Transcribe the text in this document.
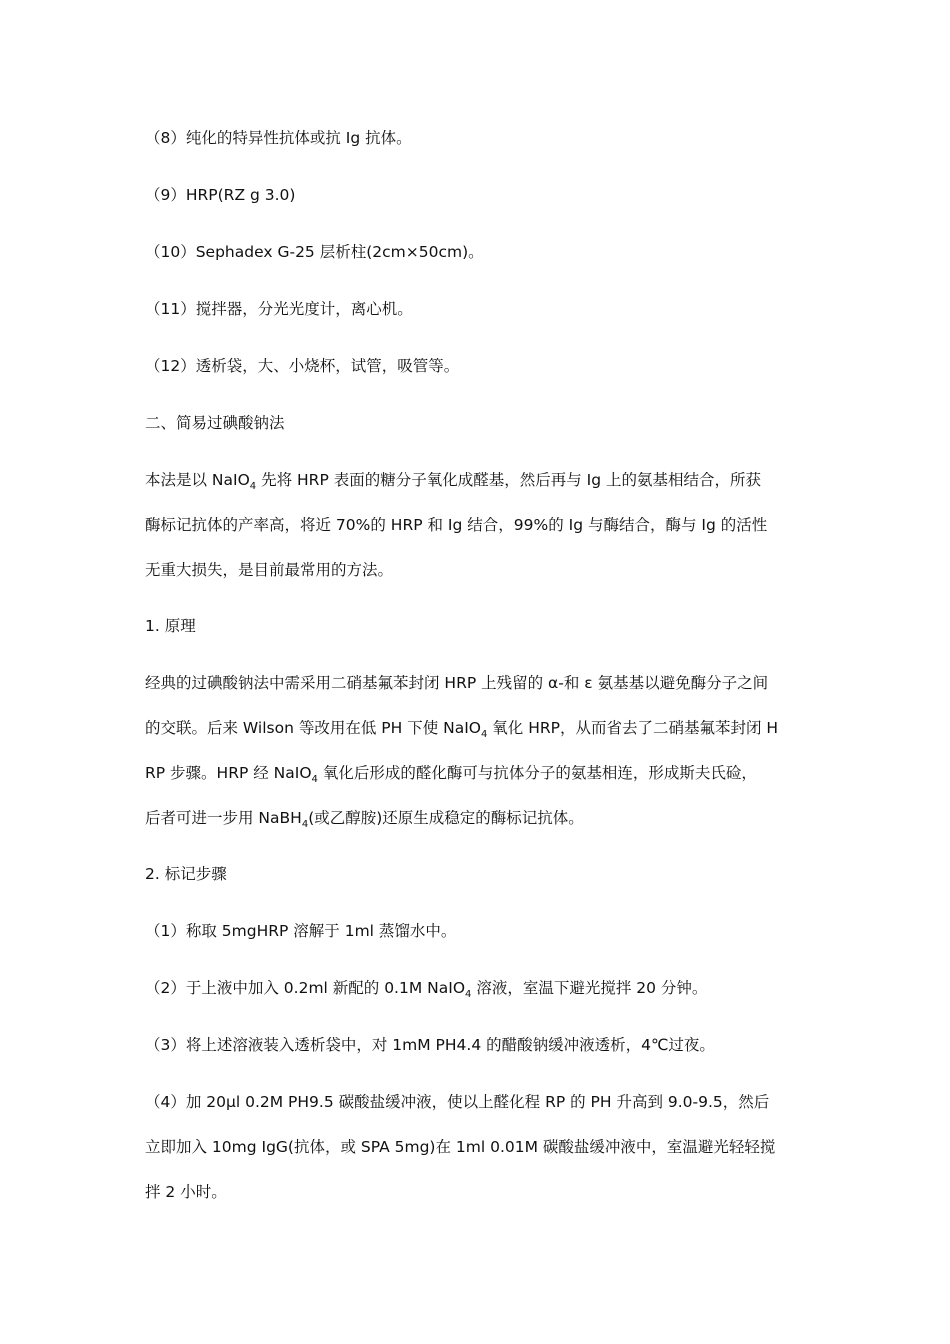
（8）纯化的特异性抗体或抗 Ig 抗体。
（9）HRP(RZ g 3.0)
（10）Sephadex G-25 层析柱(2cm×50cm)。
（11）搅拌器，分光光度计，离心机。
（12）透析袋，大、小烧杯，试管，吸管等。
二、简易过碘酸钠法
本法是以 NaIO$_4$ 先将 HRP 表面的糖分子氧化成醛基，然后再与 Ig 上的氨基相结合，所获
酶标记抗体的产率高，将近 70%的 HRP 和 Ig 结合，99%的 Ig 与酶结合，酶与 Ig 的活性
无重大损失，是目前最常用的方法。
1. 原理
经典的过碘酸钠法中需采用二硝基氟苯封闭 HRP 上残留的 α-和 ε 氨基基以避免酶分子之间
的交联。后来 Wilson 等改用在低 PH 下使 NaIO$_4$ 氧化 HRP，从而省去了二硝基氟苯封闭 H
RP 步骤。HRP 经 NaIO$_4$ 氧化后形成的醛化酶可与抗体分子的氨基相连，形成斯夫氏硷，
后者可进一步用 NaBH$_4$(或乙醇胺)还原生成稳定的酶标记抗体。
2. 标记步骤
（1）称取 5mgHRP 溶解于 1ml 蒸馏水中。
（2）于上液中加入 0.2ml 新配的 0.1M NaIO$_4$ 溶液，室温下避光搅拌 20 分钟。
（3）将上述溶液装入透析袋中，对 1mM PH4.4 的醋酸钠缓冲液透析，4℃过夜。
（4）加 20μl 0.2M PH9.5 碳酸盐缓冲液，使以上醛化程 RP 的 PH 升高到 9.0-9.5，然后
立即加入 10mg IgG(抗体，或 SPA 5mg)在 1ml 0.01M 碳酸盐缓冲液中，室温避光轻轻搅
拌 2 小时。
